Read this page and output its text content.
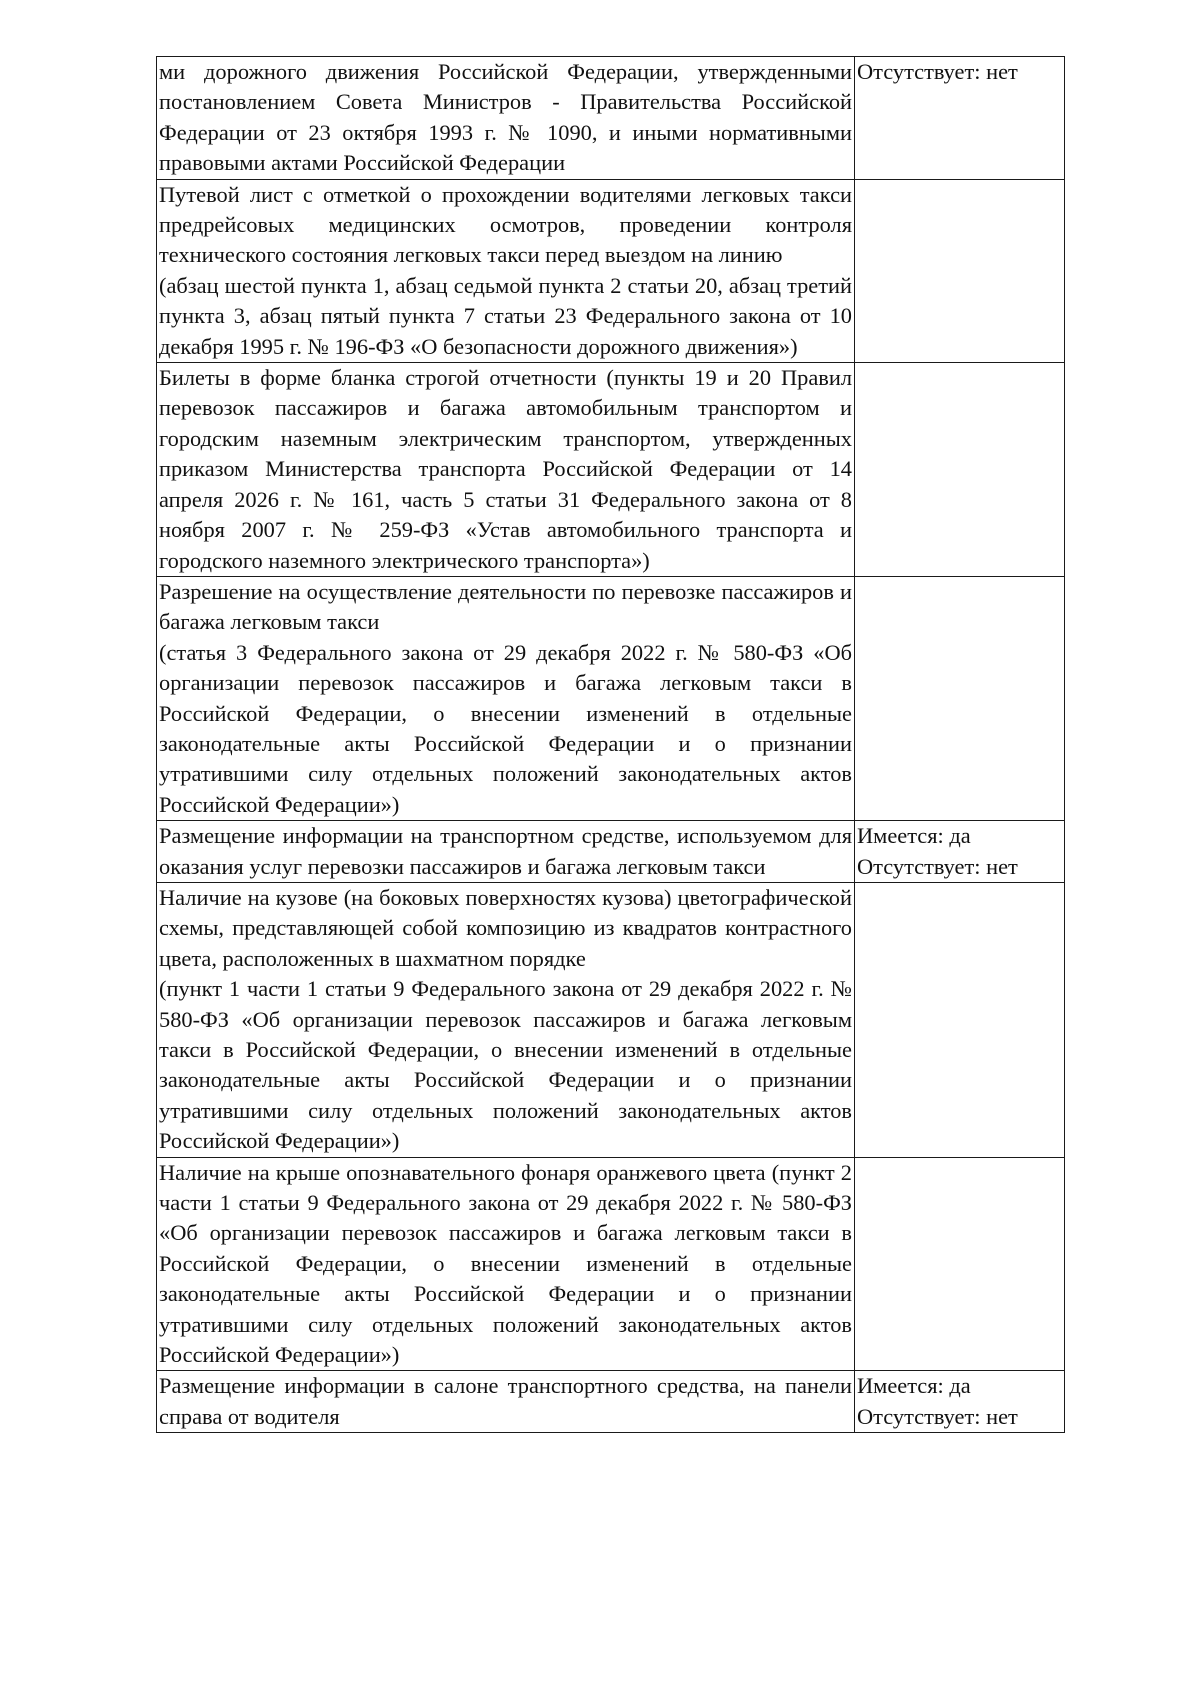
ми дорожного движения Российской Федерации, утвержденными постановлением Совета Министров - Правительства Российской Федерации от 23 октября 1993 г. № 1090, и иными нормативными правовыми актами Российской Федерации	Отсутствует: нет

Путевой лист с отметкой о прохождении водителями легковых такси предрейсовых медицинских осмотров, проведении контроля технического состояния легковых такси перед выездом на линию
(абзац шестой пункта 1, абзац седьмой пункта 2 статьи 20, абзац третий пункта 3, абзац пятый пункта 7 статьи 23 Федерального закона от 10 декабря 1995 г. № 196-ФЗ «О безопасности дорожного движения»)	

Билеты в форме бланка строгой отчетности (пункты 19 и 20 Правил перевозок пассажиров и багажа автомобильным транспортом и городским наземным электрическим транспортом, утвержденных приказом Министерства транспорта Российской Федерации от 14 апреля 2026 г. № 161, часть 5 статьи 31 Федерального закона от 8 ноября 2007 г. № 259-ФЗ «Устав автомобильного транспорта и городского наземного электрического транспорта»)	

Разрешение на осуществление деятельности по перевозке пассажиров и багажа легковым такси
(статья 3 Федерального закона от 29 декабря 2022 г. № 580-ФЗ «Об организации перевозок пассажиров и багажа легковым такси в Российской Федерации, о внесении изменений в отдельные законодательные акты Российской Федерации и о признании утратившими силу отдельных положений законодательных актов Российской Федерации»)	

Размещение информации на транспортном средстве, используемом для оказания услуг перевозки пассажиров и багажа легковым такси	Имеется: да
Отсутствует: нет

Наличие на кузове (на боковых поверхностях кузова) цветографической схемы, представляющей собой композицию из квадратов контрастного цвета, расположенных в шахматном порядке
(пункт 1 части 1 статьи 9 Федерального закона от 29 декабря 2022 г. № 580-ФЗ «Об организации перевозок пассажиров и багажа легковым такси в Российской Федерации, о внесении изменений в отдельные законодательные акты Российской Федерации и о признании утратившими силу отдельных положений законодательных актов Российской Федерации»)	

Наличие на крыше опознавательного фонаря оранжевого цвета (пункт 2 части 1 статьи 9 Федерального закона от 29 декабря 2022 г. № 580-ФЗ «Об организации перевозок пассажиров и багажа легковым такси в Российской Федерации, о внесении изменений в отдельные законодательные акты Российской Федерации и о признании утратившими силу отдельных положений законодательных актов Российской Федерации»)	

Размещение информации в салоне транспортного средства, на панели справа от водителя	Имеется: да
Отсутствует: нет
